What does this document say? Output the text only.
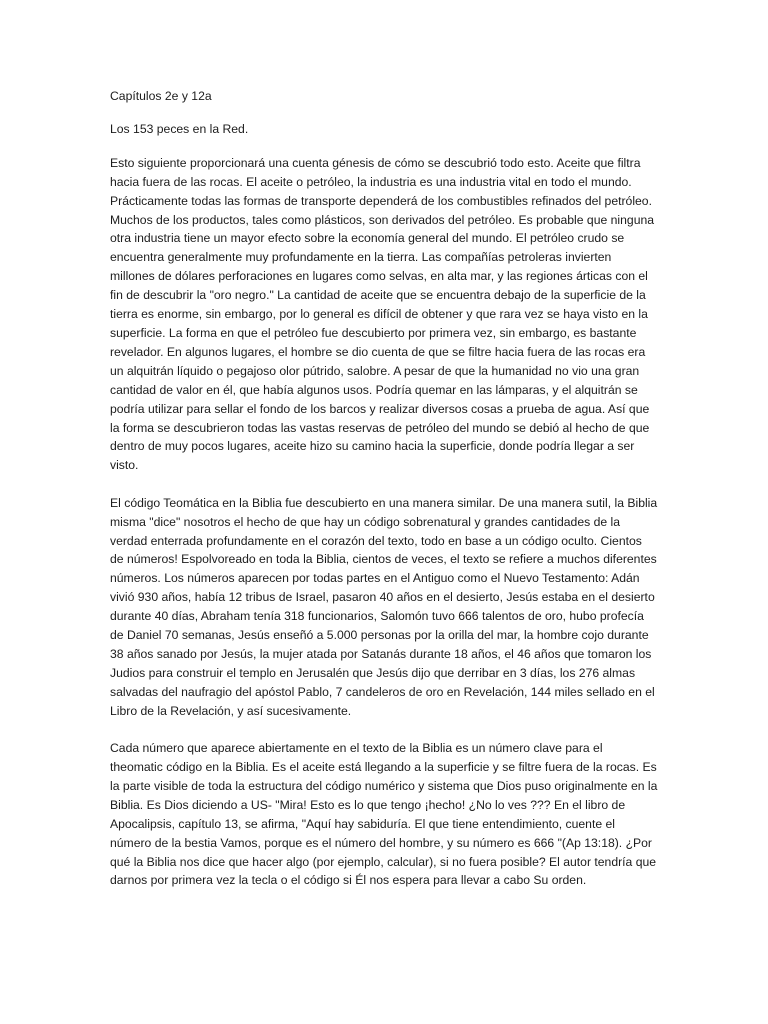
Capítulos 2e y 12a

Los 153 peces en la Red.

Esto siguiente proporcionará una cuenta génesis de cómo se descubrió todo esto. Aceite que filtra hacia fuera de las rocas. El aceite o petróleo, la industria es una industria vital en todo el mundo. Prácticamente todas las formas de transporte dependerá de los combustibles refinados del petróleo. Muchos de los productos, tales como plásticos, son derivados del petróleo. Es probable que ninguna otra industria tiene un mayor efecto sobre la economía general del mundo. El petróleo crudo se encuentra generalmente muy profundamente en la tierra. Las compañías petroleras invierten millones de dólares perforaciones en lugares como selvas, en alta mar, y las regiones árticas con el fin de descubrir la "oro negro." La cantidad de aceite que se encuentra debajo de la superficie de la tierra es enorme, sin embargo, por lo general es difícil de obtener y que rara vez se haya visto en la superficie. La forma en que el petróleo fue descubierto por primera vez, sin embargo, es bastante revelador. En algunos lugares, el hombre se dio cuenta de que se filtre hacia fuera de las rocas era un alquitrán líquido o pegajoso olor pútrido, salobre. A pesar de que la humanidad no vio una gran cantidad de valor en él, que había algunos usos. Podría quemar en las lámparas, y el alquitrán se podría utilizar para sellar el fondo de los barcos y realizar diversos cosas a prueba de agua. Así que la forma se descubrieron todas las vastas reservas de petróleo del mundo se debió al hecho de que dentro de muy pocos lugares, aceite hizo su camino hacia la superficie, donde podría llegar a ser visto.

El código Teomática en la Biblia fue descubierto en una manera similar. De una manera sutil, la Biblia misma "dice" nosotros el hecho de que hay un código sobrenatural y grandes cantidades de la verdad enterrada profundamente en el corazón del texto, todo en base a un código oculto. Cientos de números! Espolvoreado en toda la Biblia, cientos de veces, el texto se refiere a muchos diferentes números. Los números aparecen por todas partes en el Antiguo como el Nuevo Testamento: Adán vivió 930 años, había 12 tribus de Israel, pasaron 40 años en el desierto, Jesús estaba en el desierto durante 40 días, Abraham tenía 318 funcionarios, Salomón tuvo 666 talentos de oro, hubo profecía de Daniel 70 semanas, Jesús enseñó a 5.000 personas por la orilla del mar, la hombre cojo durante 38 años sanado por Jesús, la mujer atada por Satanás durante 18 años, el 46 años que tomaron los Judios para construir el templo en Jerusalén que Jesús dijo que derribar en 3 días, los 276 almas salvadas del naufragio del apóstol Pablo, 7 candeleros de oro en Revelación, 144 miles sellado en el Libro de la Revelación, y así sucesivamente.

Cada número que aparece abiertamente en el texto de la Biblia es un número clave para el theomatic código en la Biblia. Es el aceite está llegando a la superficie y se filtre fuera de la rocas. Es la parte visible de toda la estructura del código numérico y sistema que Dios puso originalmente en la Biblia. Es Dios diciendo a US- "Mira! Esto es lo que tengo ¡hecho! ¿No lo ves ??? En el libro de Apocalipsis, capítulo 13, se afirma, "Aquí hay sabiduría. El que tiene entendimiento, cuente el número de la bestia Vamos, porque es el número del hombre, y su número es 666 "(Ap 13:18). ¿Por qué la Biblia nos dice que hacer algo (por ejemplo, calcular), si no fuera posible? El autor tendría que darnos por primera vez la tecla o el código si Él nos espera para llevar a cabo Su orden.
